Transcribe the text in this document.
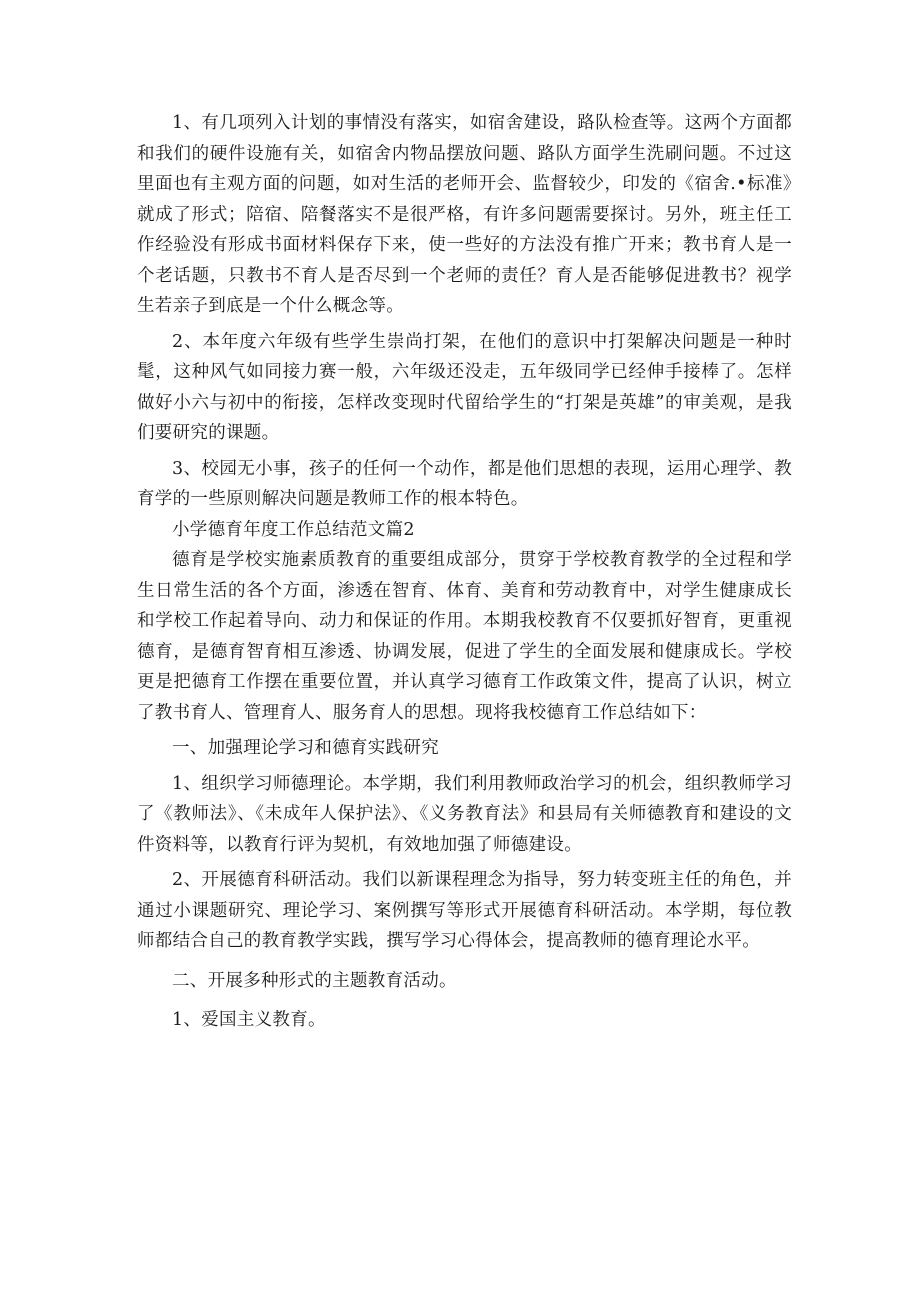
1、有几项列入计划的事情没有落实，如宿舍建设，路队检查等。这两个方面都和我们的硬件设施有关，如宿舍内物品摆放问题、路队方面学生洗刷问题。不过这里面也有主观方面的问题，如对生活的老师开会、监督较少，印发的《宿舍.•标准》就成了形式；陪宿、陪餐落实不是很严格，有许多问题需要探讨。另外，班主任工作经验没有形成书面材料保存下来，使一些好的方法没有推广开来；教书育人是一个老话题，只教书不育人是否尽到一个老师的责任？育人是否能够促进教书？视学生若亲子到底是一个什么概念等。

2、本年度六年级有些学生崇尚打架，在他们的意识中打架解决问题是一种时髦，这种风气如同接力赛一般，六年级还没走，五年级同学已经伸手接棒了。怎样做好小六与初中的衔接，怎样改变现时代留给学生的“打架是英雄”的审美观，是我们要研究的课题。

3、校园无小事，孩子的任何一个动作，都是他们思想的表现，运用心理学、教育学的一些原则解决问题是教师工作的根本特色。

小学德育年度工作总结范文篇2

德育是学校实施素质教育的重要组成部分，贯穿于学校教育教学的全过程和学生日常生活的各个方面，渗透在智育、体育、美育和劳动教育中，对学生健康成长和学校工作起着导向、动力和保证的作用。本期我校教育不仅要抓好智育，更重视德育，是德育智育相互渗透、协调发展，促进了学生的全面发展和健康成长。学校更是把德育工作摆在重要位置，并认真学习德育工作政策文件，提高了认识，树立了教书育人、管理育人、服务育人的思想。现将我校德育工作总结如下：

一、加强理论学习和德育实践研究

1、组织学习师德理论。本学期，我们利用教师政治学习的机会，组织教师学习了《教师法》、《未成年人保护法》、《义务教育法》和县局有关师德教育和建设的文件资料等，以教育行评为契机，有效地加强了师德建设。

2、开展德育科研活动。我们以新课程理念为指导，努力转变班主任的角色，并通过小课题研究、理论学习、案例撰写等形式开展德育科研活动。本学期，每位教师都结合自己的教育教学实践，撰写学习心得体会，提高教师的德育理论水平。

二、开展多种形式的主题教育活动。

1、爱国主义教育。
